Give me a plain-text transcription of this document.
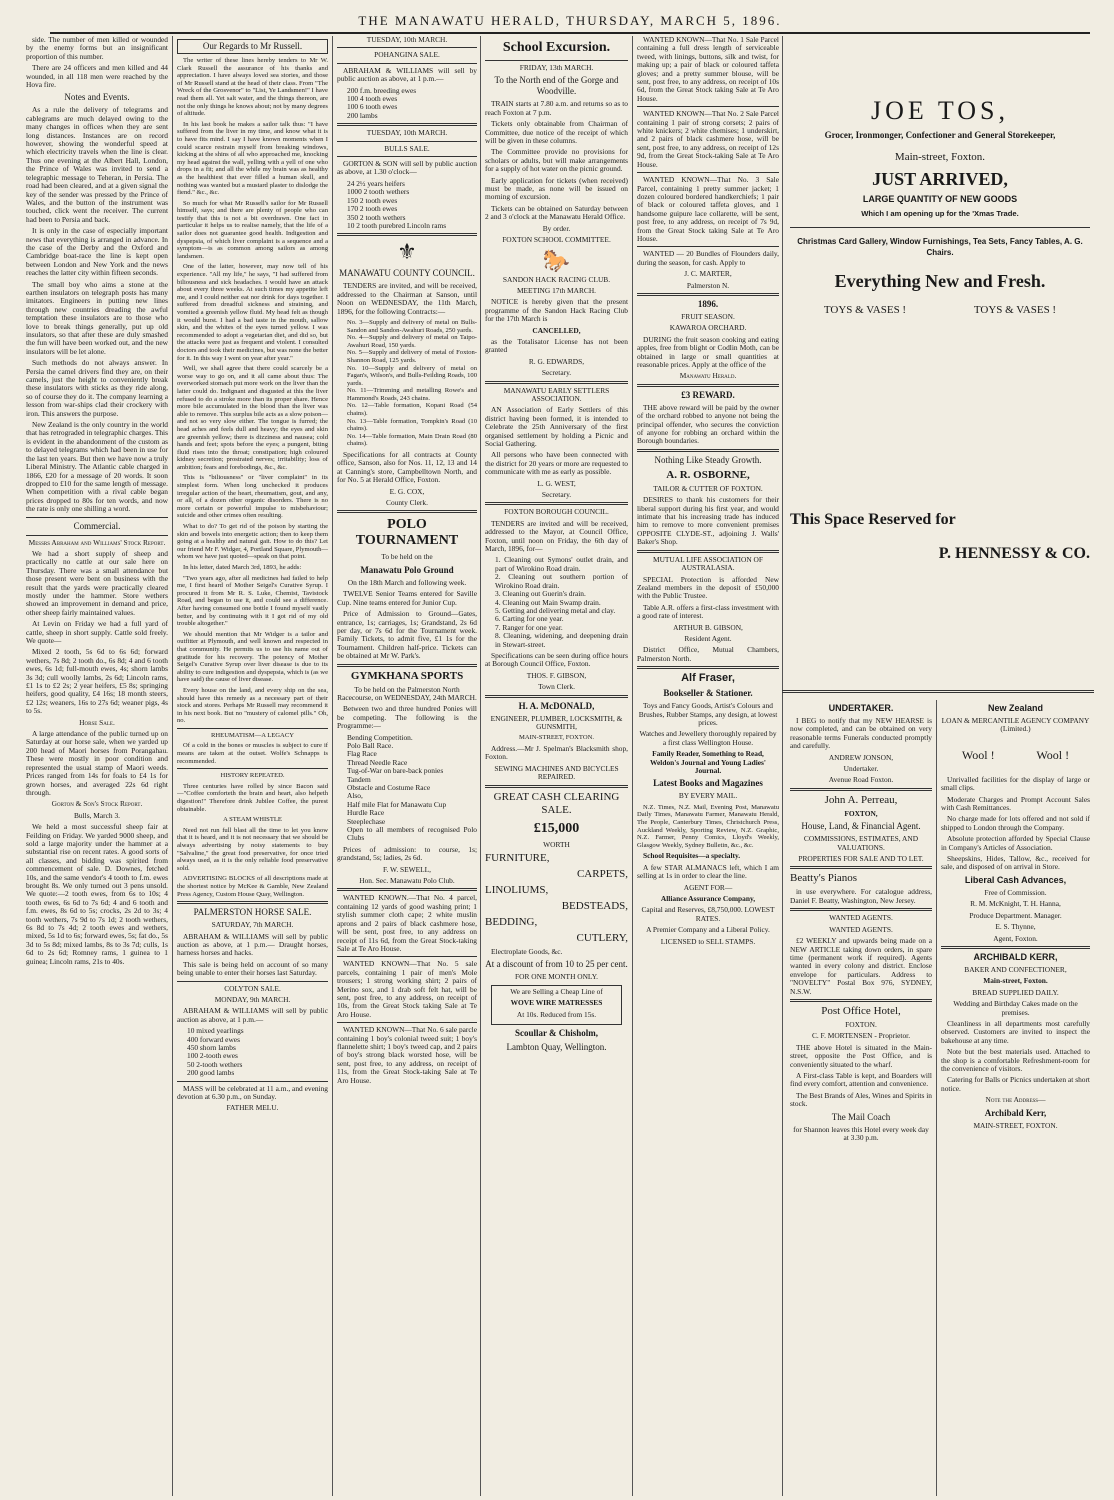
THE MANAWATU HERALD, THURSDAY, MARCH 5, 1896.

side. The number of men killed or wounded by the enemy forms but an insignificant proportion of this number.

There are 24 officers and men killed and 44 wounded, in all 118 men were reached by the Hova fire.

Notes and Events.

As a rule the delivery of telegrams and cablegrams are much delayed owing to the many changes in offices when they are sent long distances. Instances are on record however, showing the wonderful speed at which electricity travels when the line is clear. Thus one evening at the Albert Hall, London, the Prince of Wales was invited to send a telegraphic message to Teheran, in Persia. The road had been cleared, and at a given signal the key of the sender was pressed by the Prince of Wales, and the button of the instrument was touched, click went the receiver. The current had been to Persia and back.

It is only in the case of especially important news that everything is arranged in advance. In the case of the Derby and the Oxford and Cambridge boat-race the line is kept open between London and New York and the news reaches the latter city within fifteen seconds.

The small boy who aims a stone at the earthen insulators on telegraph posts has many imitators. Engineers in putting new lines through new countries dreading the awful temptation these insulators are to those who love to break things generally, put up old insulators, so that after these are duly smashed the fun will have been worked out, and the new insulators will be let alone.

Such methods do not always answer. In Persia the camel drivers find they are, on their camels, just the height to conveniently break these insulators with sticks as they ride along, so of course they do it. The company learning a lesson from war-ships clad their crockery with iron. This answers the purpose.

New Zealand is the only country in the world that has retrograded in telegraphic charges. This is evident in the abandonment of the custom as to delayed telegrams which had been in use for the last ten years. But then we have now a truly Liberal Ministry. The Atlantic cable charged in 1866, £20 for a message of 20 words. It soon dropped to £10 for the same length of message. When competition with a rival cable began prices dropped to 80s for ten words, and now the rate is only one shilling a word.

Commercial.

Messrs Abraham and Williams' Stock Report.

We had a short supply of sheep and practically no cattle at our sale here on Thursday. There was a small attendance but those present were bent on business with the result that the yards were practically cleared mostly under the hammer. Store wethers showed an improvement in demand and price, other sheep fairly maintained values.

At Levin on Friday we had a full yard of cattle, sheep in short supply. Cattle sold freely. We quote—

Mixed 2 tooth, 5s 6d to 6s 6d; forward wethers, 7s 8d; 2 tooth do., 6s 8d; 4 and 6 tooth ewes, 6s 1d; full-mouth ewes, 4s; shorn lambs 3s 3d; cull woolly lambs, 2s 6d; Lincoln rams, £1 1s to £2 2s; 2 year heifers, £5 8s; springing heifers, good quality, £4 16s; 18 month steers, £2 12s; weaners, 16s to 27s 6d; weaner pigs, 4s to 5s.

Horse Sale.

A large attendance of the public turned up on Saturday at our horse sale, when we yarded up 200 head of Maori horses from Porangahau. These were mostly in poor condition and represented the usual stamp of Maori weeds. Prices ranged from 14s for foals to £4 1s for grown horses, and averaged 22s 6d right through.

Gorton & Son's Stock Report.

Bulls, March 3.

We held a most successful sheep fair at Feilding on Friday. We yarded 9000 sheep, and sold a large majority under the hammer at a substantial rise on recent rates. A good sorts of all classes, and bidding was spirited from commencement of sale. D. Downes, fetched 10s, and the same vendor's 4 tooth to f.m. ewes brought 8s. We only turned out 3 pens unsold. We quote:—2 tooth ewes, from 6s to 10s; 4 tooth ewes, 6s 6d to 7s 6d; 4 and 6 tooth and f.m. ewes, 8s 6d to 5s; crocks, 2s 2d to 3s; 4 tooth wethers, 7s 9d to 7s 1d; 2 tooth wethers, 6s 8d to 7s 4d; 2 tooth ewes and wethers, mixed, 5s 1d to 6s; forward ewes, 5s; fat do., 5s 3d to 5s 8d; mixed lambs, 8s to 3s 7d; culls, 1s 6d to 2s 6d; Romney rams, 1 guinea to 1 guinea; Lincoln rams, 21s to 40s.

Our Regards to Mr Russell.

The writer of these lines hereby tenders to Mr W. Clark Russell the assurance of his thanks and appreciation. I have always loved sea stories, and those of Mr Russell stand at the head of their class. From "The Wreck of the Grosvenor" to "List, Ye Landsmen!" I have read them all. Yet salt water, and the things thereon, are not the only things he knows about; not by many degrees of altitude.

In his last book he makes a sailor talk thus: "I have suffered from the liver in my time, and know what it is to have fits mind. I say I have known moments when I could scarce restrain myself from breaking windows, kicking at the shins of all who approached me, knocking my head against the wall, yelling with a yell of one who drops in a fit; and all the while my brain was as healthy as the healthiest that ever filled a human skull, and nothing was wanted but a mustard plaster to dislodge the fiend." &c., &c.

So much for what Mr Russell's sailor for Mr Russell himself, says; and there are plenty of people who can testify that this is not a bit overdrawn. One fact in particular it helps us to realise namely, that the life of a sailor does not guarantee good health. Indigestion and dyspepsia, of which liver complaint is a sequence and a symptom—is as common among sailors as among landsmen.

One of the latter, however, may now tell of his experience. "All my life," he says, "I had suffered from biliousness and sick headaches. I would have an attack about every three weeks. At such times my appetite left me, and I could neither eat nor drink for days together. I suffered from dreadful sickness and straining, and vomited a greenish yellow fluid. My head felt as though it would burst. I had a bad taste in the mouth, sallow skin, and the whites of the eyes turned yellow. I was recommended to adopt a vegetarian diet, and did so, but the attacks were just as frequent and violent. I consulted doctors and took their medicines, but was none the better for it. In this way I went on year after year."

Well, we shall agree that there could scarcely be a worse way to go on, and it all came about thus: The overworked stomach put more work on the liver than the latter could do. Indignant and disgusted at this the liver refused to do a stroke more than its proper share. Hence more bile accumulated in the blood than the liver was able to remove. This surplus bile acts as a slow poison—and not so very slow either. The tongue is furred; the head aches and feels dull and heavy; the eyes and skin are greenish yellow; there is dizziness and nausea; cold hands and feet; spots before the eyes; a pungent, biting fluid rises into the throat; constipation; high coloured kidney secretion; prostrated nerves; irritability; loss of ambition; fears and forebodings, &c., &c.

This is "biliousness" or "liver complaint" in its simplest form. When long unchecked it produces irregular action of the heart, rheumatism, gout, and any, or all, of a dozen other organic disorders. There is no more certain or powerful impulse to misbehaviour; suicide and other crimes often resulting.

What to do? To get rid of the poison by starting the skin and bowels into energetic action; then to keep them going at a healthy and natural gait. How to do this? Let our friend Mr F. Widger, 4, Portland Square, Plymouth—whom we have just quoted—speak on that point.

In his letter, dated March 3rd, 1893, he adds:

"Two years ago, after all medicines had failed to help me, I first heard of Mother Seigel's Curative Syrup. I procured it from Mr R. S. Luke, Chemist, Tavistock Road, and began to use it, and could see a difference. After having consumed one bottle I found myself vastly better, and by continuing with it I got rid of my old trouble altogether."

We should mention that Mr Widger is a tailor and outfitter at Plymouth, and well known and respected in that community. He permits us to use his name out of gratitude for his recovery. The potency of Mother Seigel's Curative Syrup over liver disease is due to its ability to cure indigestion and dyspepsia, which is (as we have said) the cause of liver disease.

Every house on the land, and every ship on the sea, should have this remedy as a necessary part of their stock and stores. Perhaps Mr Russell may recommend it in his next book. But no "mustery of calomel pills." Oh, no.

RHEUMATISM—A LEGACY

Of a cold in the bones or muscles is subject to cure if means are taken at the outset. Wolfe's Schnapps is recommended.

HISTORY REPEATED.

Three centuries have rolled by since Bacon said—"Coffee comforteth the brain and heart, also helpeth digestion!" Therefore drink Jubilee Coffee, the purest obtainable.

A STEAM WHISTLE

Need not run full blast all the time to let you know that it is heard, and it is not necessary that we should be always advertising by noisy statements to buy "Salvaline," the great food preservative, for once tried always used, as it is the only reliable food preservative sold.

ADVERTISING BLOCKS of all descriptions made at the shortest notice by McKee & Gamble, New Zealand Press Agency, Custom House Quay, Wellington.

PALMERSTON HORSE SALE.

SATURDAY, 7th MARCH.

ABRAHAM & WILLIAMS will sell by public auction as above, at 1 p.m.— Draught horses, harness horses and hacks.

This sale is being held on account of so many being unable to enter their horses last Saturday.

COLYTON SALE.

MONDAY, 9th MARCH.

ABRAHAM & WILLIAMS will sell by public auction as above, at 1 p.m.—

10 mixed yearlings
400 forward ewes
450 shorn lambs
100 2-tooth ewes
50 2-tooth wethers
200 good lambs

MASS will be celebrated at 11 a.m., and evening devotion at 6.30 p.m., on Sunday.

FATHER MELU.

TUESDAY, 10th MARCH.

POHANGINA SALE.

ABRAHAM & WILLIAMS will sell by public auction as above, at 1 p.m.—

200 f.m. breeding ewes
100 4 tooth ewes
100 6 tooth ewes
200 lambs

TUESDAY, 10th MARCH.

BULLS SALE.

GORTON & SON will sell by public auction as above, at 1.30 o'clock—

24 2½ years heifers
1000 2 tooth wethers
150 2 tooth ewes
170 2 tooth ewes
350 2 tooth wethers
10 2 tooth purebred Lincoln rams
⚜
MANAWATU COUNTY COUNCIL.

TENDERS are invited, and will be received, addressed to the Chairman at Sanson, until Noon on WEDNESDAY, the 11th March, 1896, for the following Contracts:—

No. 3—Supply and delivery of metal on Bulls-Sandon and Sandon-Awahuri Roads, 250 yards.
No. 4—Supply and delivery of metal on Taipo-Awahuri Road, 150 yards.
No. 5—Supply and delivery of metal of Foxton-Shannon Road, 125 yards.
No. 10—Supply and delivery of metal on Fagan's, Wilson's, and Bulls-Feilding Roads, 100 yards.
No. 11—Trimming and metalling Rowe's and Hammond's Roads, 243 chains.
No. 12—Table formation, Kopani Road (54 chains).
No. 13—Table formation, Tompkin's Road (10 chains).
No. 14—Table formation, Main Drain Road (80 chains).

Specifications for all contracts at County office, Sanson, also for Nos. 11, 12, 13 and 14 at Canning's store, Campbelltown North, and for No. 5 at Herald Office, Foxton.

E. G. COX,

County Clerk.

POLO TOURNAMENT

To be held on the

Manawatu Polo Ground

On the 18th March and following week.

TWELVE Senior Teams entered for Saville Cup. Nine teams entered for Junior Cup.

Price of Admission to Ground—Gates, entrance, 1s; carriages, 1s; Grandstand, 2s 6d per day, or 7s 6d for the Tournament week. Family Tickets, to admit five, £1 1s for the Tournament. Children half-price. Tickets can be obtained at Mr W. Park's.

GYMKHANA SPORTS

To be held on the Palmerston North Racecourse, on WEDNESDAY, 24th MARCH.

Between two and three hundred Ponies will be competing. The following is the Programme:—

Bending Competition.
Polo Ball Race.
Flag Race
Thread Needle Race
Tug-of-War on bare-back ponies
Tandem
Obstacle and Costume Race
Also,
Half mile Flat for Manawatu Cup
Hurdle Race
Steeplechase
Open to all members of recognised Polo Clubs

Prices of admission: to course, 1s; grandstand, 5s; ladies, 2s 6d.

F. W. SEWELL,

Hon. Sec. Manawatu Polo Club.

WANTED KNOWN.—That No. 4 parcel, containing 12 yards of good washing print; 1 stylish summer cloth cape; 2 white muslin aprons and 2 pairs of black cashmere hose, will be sent, post free, to any address on receipt of 11s 6d, from the Great Stock-taking Sale at Te Aro House.

WANTED KNOWN—That No. 5 sale parcels, containing 1 pair of men's Mole trousers; 1 strong working shirt; 2 pairs of Merino sox, and 1 drab soft felt hat, will be sent, post free, to any address, on receipt of 10s, from the Great Stock taking Sale at Te Aro House.

WANTED KNOWN—That No. 6 sale parcle containing 1 boy's colonial tweed suit; 1 boy's flannelette shirt; 1 boy's tweed cap, and 2 pairs of boy's strong black worsted hose, will be sent, post free, to any address, on receipt of 11s, from the Great Stock-taking Sale at Te Aro House.

School Excursion.

FRIDAY, 13th MARCH.

To the North end of the Gorge and Woodville.

TRAIN starts at 7.80 a.m. and returns so as to reach Foxton at 7 p.m.

Tickets only obtainable from Chairman of Committee, due notice of the receipt of which will be given in these columns.

The Committee provide no provisions for scholars or adults, but will make arrangements for a supply of hot water on the picnic ground.

Early application for tickets (when received) must be made, as none will be issued on morning of excursion.

Tickets can be obtained on Saturday between 2 and 3 o'clock at the Manawatu Herald Office.

By order.

FOXTON SCHOOL COMMITTEE.

🐎

SANDON HACK RACING CLUB.

MEETING 17th MARCH.

NOTICE is hereby given that the present programme of the Sandon Hack Racing Club for the 17th March is

CANCELLED,

as the Totalisator License has not been granted

R. G. EDWARDS,

Secretary.

MANAWATU EARLY SETTLERS ASSOCIATION.

AN Association of Early Settlers of this district having been formed, it is intended to Celebrate the 25th Anniversary of the first organised settlement by holding a Picnic and Social Gathering.

All persons who have been connected with the district for 20 years or more are requested to communicate with me as early as possible.

L. G. WEST,

Secretary.

FOXTON BOROUGH COUNCIL.

TENDERS are invited and will be received, addressed to the Mayor, at Council Office, Foxton, until noon on Friday, the 6th day of March, 1896, for—

1. Cleaning out Symons' outlet drain, and part of Wirokino Road drain.
2. Cleaning out southern portion of Wirokino Road drain.
3. Cleaning out Guerin's drain.
4. Cleaning out Main Swamp drain.
5. Getting and delivering metal and clay.
6. Carting for one year.
7. Ranger for one year.
8. Cleaning, widening, and deepening drain in Stewart-street.

Specifications can be seen during office hours at Borough Council Office, Foxton.

THOS. F. GIBSON,

Town Clerk.

H. A. McDONALD,

ENGINEER, PLUMBER, LOCKSMITH, & GUNSMITH,

MAIN-STREET, FOXTON.

Address.—Mr J. Spelman's Blacksmith shop, Foxton.

SEWING MACHINES AND BICYCLES REPAIRED.

GREAT CASH CLEARING SALE.
£15,000

WORTH

FURNITURE,
CARPETS,
LINOLIUMS,
BEDSTEADS,
BEDDING,
CUTLERY,

Electroplate Goods, &c.

At a discount of from 10 to 25 per cent.

FOR ONE MONTH ONLY.

We are Selling a Cheap Line of

WOVE WIRE MATRESSES

At 10s. Reduced from 15s.

Scoullar & Chisholm,
Lambton Quay, Wellington.

WANTED KNOWN—That No. 1 Sale Parcel containing a full dress length of serviceable tweed, with linings, buttons, silk and twist, for making up; a pair of black or coloured taffeta gloves; and a pretty summer blouse, will be sent, post free, to any address, on receipt of 10s 6d, from the Great Stock taking Sale at Te Aro House.

WANTED KNOWN—That No. 2 Sale Parcel containing 1 pair of strong corsets; 2 pairs of white knickers; 2 white chemises; 1 underskirt, and 2 pairs of black cashmere hose, will be sent, post free, to any address, on receipt of 12s 9d, from the Great Stock-taking Sale at Te Aro House.

WANTED KNOWN—That No. 3 Sale Parcel, containing 1 pretty summer jacket; 1 dozen coloured bordered handkerchiefs; 1 pair of black or coloured taffeta gloves, and 1 handsome guipure lace collarette, will be sent, post free, to any address, on receipt of 7s 9d, from the Great Stock taking Sale at Te Aro House.

WANTED — 20 Bundles of Flounders daily, during the season, for cash. Apply to

J. C. MARTER,

Palmerston N.

1896.

FRUIT SEASON.

KAWAROA ORCHARD.

DURING the fruit season cooking and eating apples, free from blight or Codlin Moth, can be obtained in large or small quantities at reasonable prices. Apply at the office of the

Manawatu Herald.

£3 REWARD.

THE above reward will be paid by the owner of the orchard robbed to anyone not being the principal offender, who secures the conviction of anyone for robbing an orchard within the Borough boundaries.

Nothing Like Steady Growth.
A. R. OSBORNE,

TAILOR & CUTTER OF FOXTON.

DESIRES to thank his customers for their liberal support during his first year, and would intimate that his increasing trade has induced him to remove to more convenient premises OPPOSITE CLYDE-ST., adjoining J. Walls' Baker's Shop.

MUTUAL LIFE ASSOCIATION OF AUSTRALASIA.

SPECIAL Protection is afforded New Zealand members in the deposit of £50,000 with the Public Trustee.

Table A.R. offers a first-class investment with a good rate of interest.

ARTHUR B. GIBSON,

Resident Agent.

District Office, Mutual Chambers, Palmerston North.

Alf Fraser,
Bookseller & Stationer.

Toys and Fancy Goods, Artist's Colours and Brushes, Rubber Stamps, any design, at lowest prices.

Watches and Jewellery thoroughly repaired by a first class Wellington House.

Family Reader, Something to Read, Weldon's Journal and Young Ladies' Journal.

Latest Books and Magazines

BY EVERY MAIL.

N.Z. Times, N.Z. Mail, Evening Post, Manawatu Daily Times, Manawatu Farmer, Manawatu Herald, The People, Canterbury Times, Christchurch Press, Auckland Weekly, Sporting Review, N.Z. Graphic, N.Z. Farmer, Penny Comics, Lloyd's Weekly, Glasgow Weekly, Sydney Bulletin, &c., &c.

School Requisites—a specialty.

A few STAR ALMANACS left, which I am selling at 1s in order to clear the line.

AGENT FOR—

Alliance Assurance Company,

Capital and Reserves, £8,750,000. LOWEST RATES.

A Premier Company and a Liberal Policy.

LICENSED to SELL STAMPS.

JOE TOS,
Grocer, Ironmonger, Confectioner and General Storekeeper,
Main-street, Foxton.
JUST ARRIVED,
LARGE QUANTITY OF NEW GOODS
Which I am opening up for the 'Xmas Trade.
Christmas Card Gallery, Window Furnishings, Tea Sets, Fancy Tables, A. G. Chairs.
Everything New and Fresh.
TOYS & VASES !	TOYS & VASES !
This Space Reserved for
P. HENNESSY & CO.
UNDERTAKER.

I BEG to notify that my NEW HEARSE is now completed, and can be obtained on very reasonable terms Funerals conducted promptly and carefully.

ANDREW JONSON,

Undertaker.

Avenue Road Foxton.

John A. Perreau,

FOXTON,

House, Land, & Financial Agent.

COMMISSIONS, ESTIMATES, AND VALUATIONS.

PROPERTIES FOR SALE AND TO LET.

Beatty's Pianos

in use everywhere. For catalogue address, Daniel F. Beatty, Washington, New Jersey.

WANTED AGENTS.

WANTED AGENTS.

£2 WEEKLY and upwards being made on a NEW ARTICLE taking down orders, in spare time (permanent work if required). Agents wanted in every colony and district. Enclose envelope for particulars. Address to "NOVELTY" Postal Box 976, SYDNEY, N.S.W.

Post Office Hotel,

FOXTON.

C. F. MORTENSEN - Proprietor.

THE above Hotel is situated in the Main-street, opposite the Post Office, and is conveniently situated to the wharf.

A First-class Table is kept, and Boarders will find every comfort, attention and convenience.

The Best Brands of Ales, Wines and Spirits in stock.

The Mail Coach

for Shannon leaves this Hotel every week day at 3.30 p.m.

New Zealand

LOAN & MERCANTILE AGENCY COMPANY (Limited.)

Wool !	Wool !

Unrivalled facilities for the display of large or small clips.

Moderate Charges and Prompt Account Sales with Cash Remittances.

No charge made for lots offered and not sold if shipped to London through the Company.

Absolute protection afforded by Special Clause in Company's Articles of Association.

Sheepskins, Hides, Tallow, &c., received for sale, and disposed of on arrival in Store.

Liberal Cash Advances,

Free of Commission.

R. M. McKnight, T. H. Hanna,

Produce Department. Manager.

E. S. Thynne,

Agent, Foxton.

ARCHIBALD KERR,

BAKER AND CONFECTIONER,

Main-street, Foxton.

BREAD SUPPLIED DAILY.

Wedding and Birthday Cakes made on the premises.

Cleanliness in all departments most carefully observed. Customers are invited to inspect the bakehouse at any time.

Note but the best materials used. Attached to the shop is a comfortable Refreshment-room for the convenience of visitors.

Catering for Balls or Picnics undertaken at short notice.

Note the Address—

Archibald Kerr,

MAIN-STREET, FOXTON.
